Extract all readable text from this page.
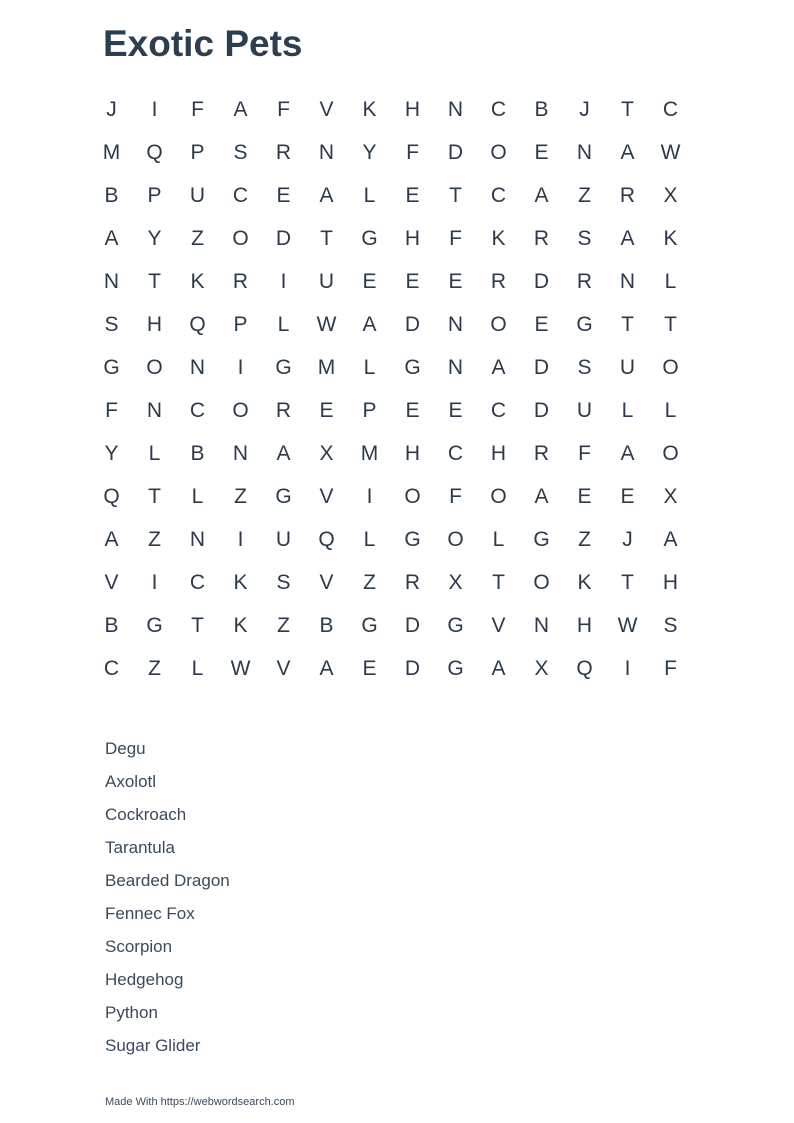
Exotic Pets
J	I	F	A	F	V	K	H	N	C	B	J	T	C
M	Q	P	S	R	N	Y	F	D	O	E	N	A	W
B	P	U	C	E	A	L	E	T	C	A	Z	R	X
A	Y	Z	O	D	T	G	H	F	K	R	S	A	K
N	T	K	R	I	U	E	E	E	R	D	R	N	L
S	H	Q	P	L	W	A	D	N	O	E	G	T	T
G	O	N	I	G	M	L	G	N	A	D	S	U	O
F	N	C	O	R	E	P	E	E	C	D	U	L	L
Y	L	B	N	A	X	M	H	C	H	R	F	A	O
Q	T	L	Z	G	V	I	O	F	O	A	E	E	X
A	Z	N	I	U	Q	L	G	O	L	G	Z	J	A
V	I	C	K	S	V	Z	R	X	T	O	K	T	H
B	G	T	K	Z	B	G	D	G	V	N	H	W	S
C	Z	L	W	V	A	E	D	G	A	X	Q	I	F
Degu
Axolotl
Cockroach
Tarantula
Bearded Dragon
Fennec Fox
Scorpion
Hedgehog
Python
Sugar Glider
Made With https://webwordsearch.com
